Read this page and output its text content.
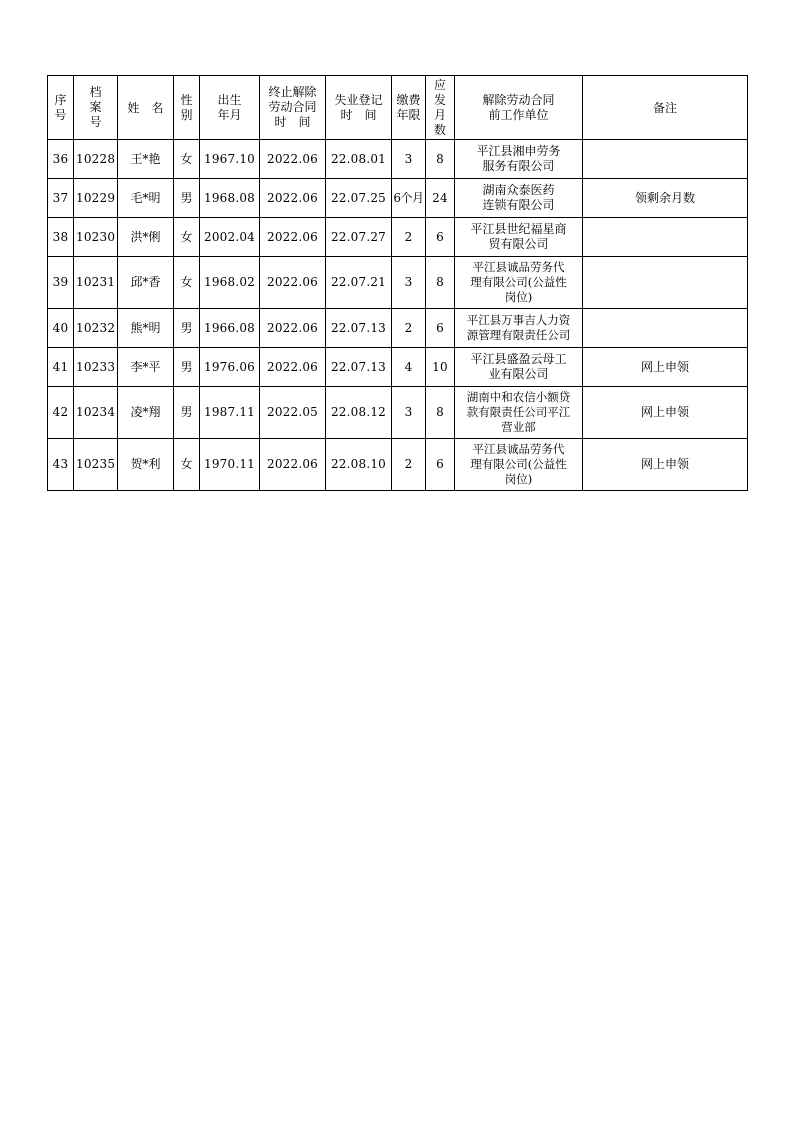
序号	档案号	姓　名	性别	出生年月	终止解除劳动合同时　间	失业登记时　间	缴费年限	应发月数	解除劳动合同前工作单位	备注
36	10228	王*艳	女	1967.10	2022.06	22.08.01	3	8	平江县湘申劳务服务有限公司	

37	10229	毛*明	男	1968.08	2022.06	22.07.25	6个月	24	湖南众泰医药连锁有限公司	领剩余月数
38	10230	洪*俐	女	2002.04	2022.06	22.07.27	2	6	平江县世纪福星商贸有限公司	

39	10231	邱*香	女	1968.02	2022.06	22.07.21	3	8	平江县诚品劳务代理有限公司(公益性岗位)	

40	10232	熊*明	男	1966.08	2022.06	22.07.13	2	6	平江县万事吉人力资源管理有限责任公司	

41	10233	李*平	男	1976.06	2022.06	22.07.13	4	10	平江县盛盈云母工业有限公司	网上申领
42	10234	凌*翔	男	1987.11	2022.05	22.08.12	3	8	湖南中和农信小额贷款有限责任公司平江营业部	网上申领
43	10235	贺*利	女	1970.11	2022.06	22.08.10	2	6	平江县诚品劳务代理有限公司(公益性岗位)	网上申领
